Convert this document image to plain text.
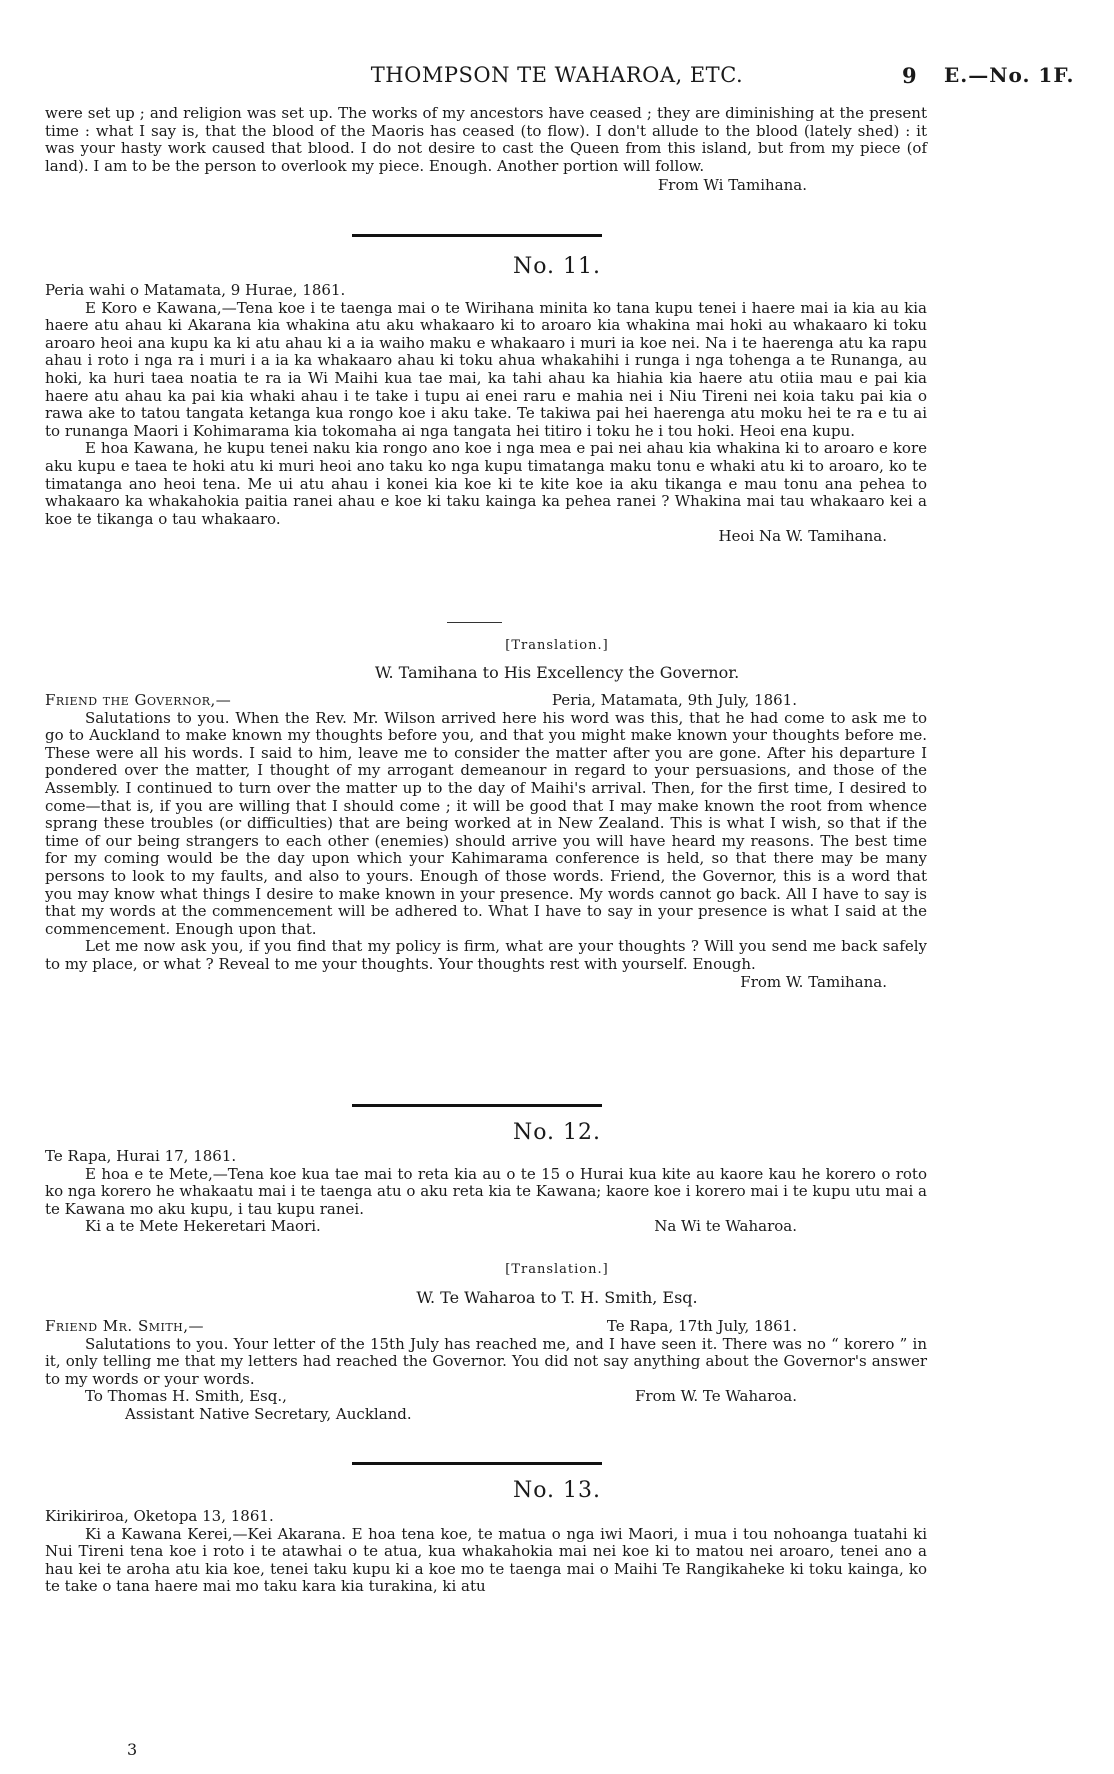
THOMPSON TE WAHAROA, ETC.	9 E.—No. 1F.

were set up ; and religion was set up. The works of my ancestors have ceased ; they are diminishing at the present time : what I say is, that the blood of the Maoris has ceased (to flow). I don't allude to the blood (lately shed) : it was your hasty work caused that blood. I do not desire to cast the Queen from this island, but from my piece (of land). I am to be the person to overlook my piece. Enough. Another portion will follow.

From Wi Tamihana.

No. 11.

Peria wahi o Matamata, 9 Hurae, 1861.

E Koro e Kawana,—Tena koe i te taenga mai o te Wirihana minita ko tana kupu tenei i haere mai ia kia au kia haere atu ahau ki Akarana kia whakina atu aku whakaaro ki to aroaro kia whakina mai hoki au whakaaro ki toku aroaro heoi ana kupu ka ki atu ahau ki a ia waiho maku e whakaaro i muri ia koe nei. Na i te haerenga atu ka rapu ahau i roto i nga ra i muri i a ia ka whakaaro ahau ki toku ahua whakahihi i runga i nga tohenga a te Runanga, au hoki, ka huri taea noatia te ra ia Wi Maihi kua tae mai, ka tahi ahau ka hiahia kia haere atu otiia mau e pai kia haere atu ahau ka pai kia whaki ahau i te take i tupu ai enei raru e mahia nei i Niu Tireni nei koia taku pai kia o rawa ake to tatou tangata ketanga kua rongo koe i aku take. Te takiwa pai hei haerenga atu moku hei te ra e tu ai to runanga Maori i Kohimarama kia tokomaha ai nga tangata hei titiro i toku he i tou hoki. Heoi ena kupu.

E hoa Kawana, he kupu tenei naku kia rongo ano koe i nga mea e pai nei ahau kia whakina ki to aroaro e kore aku kupu e taea te hoki atu ki muri heoi ano taku ko nga kupu timatanga maku tonu e whaki atu ki to aroaro, ko te timatanga ano heoi tena. Me ui atu ahau i konei kia koe ki te kite koe ia aku tikanga e mau tonu ana pehea to whakaaro ka whakahokia paitia ranei ahau e koe ki taku kainga ka pehea ranei ? Whakina mai tau whakaaro kei a koe te tikanga o tau whakaaro.

Heoi Na W. Tamihana.

[Translation.]
W. Tamihana to His Excellency the Governor.

Friend the Governor,—	Peria, Matamata, 9th July, 1861.

Salutations to you. When the Rev. Mr. Wilson arrived here his word was this, that he had come to ask me to go to Auckland to make known my thoughts before you, and that you might make known your thoughts before me. These were all his words. I said to him, leave me to consider the matter after you are gone. After his departure I pondered over the matter, I thought of my arrogant demeanour in regard to your persuasions, and those of the Assembly. I continued to turn over the matter up to the day of Maihi's arrival. Then, for the first time, I desired to come—that is, if you are willing that I should come ; it will be good that I may make known the root from whence sprang these troubles (or difficulties) that are being worked at in New Zealand. This is what I wish, so that if the time of our being strangers to each other (enemies) should arrive you will have heard my reasons. The best time for my coming would be the day upon which your Kahimarama conference is held, so that there may be many persons to look to my faults, and also to yours. Enough of those words. Friend, the Governor, this is a word that you may know what things I desire to make known in your presence. My words cannot go back. All I have to say is that my words at the commencement will be adhered to. What I have to say in your presence is what I said at the commencement. Enough upon that.

Let me now ask you, if you find that my policy is firm, what are your thoughts ? Will you send me back safely to my place, or what ? Reveal to me your thoughts. Your thoughts rest with yourself. Enough.

From W. Tamihana.

No. 12.

Te Rapa, Hurai 17, 1861.

E hoa e te Mete,—Tena koe kua tae mai to reta kia au o te 15 o Hurai kua kite au kaore kau he korero o roto ko nga korero he whakaatu mai i te taenga atu o aku reta kia te Kawana; kaore koe i korero mai i te kupu utu mai a te Kawana mo aku kupu, i tau kupu ranei.

Ki a te Mete Hekeretari Maori.	Na Wi te Waharoa.

[Translation.]
W. Te Waharoa to T. H. Smith, Esq.

Friend Mr. Smith,—	Te Rapa, 17th July, 1861.

Salutations to you. Your letter of the 15th July has reached me, and I have seen it. There was no “ korero ” in it, only telling me that my letters had reached the Governor. You did not say anything about the Governor's answer to my words or your words.

To Thomas H. Smith, Esq.,	From W. Te Waharoa.

Assistant Native Secretary, Auckland.

No. 13.

Kirikiriroa, Oketopa 13, 1861.

Ki a Kawana Kerei,—Kei Akarana. E hoa tena koe, te matua o nga iwi Maori, i mua i tou nohoanga tuatahi ki Nui Tireni tena koe i roto i te atawhai o te atua, kua whakahokia mai nei koe ki to matou nei aroaro, tenei ano a hau kei te aroha atu kia koe, tenei taku kupu ki a koe mo te taenga mai o Maihi Te Rangikaheke ki toku kainga, ko te take o tana haere mai mo taku kara kia turakina, ki atu

3
